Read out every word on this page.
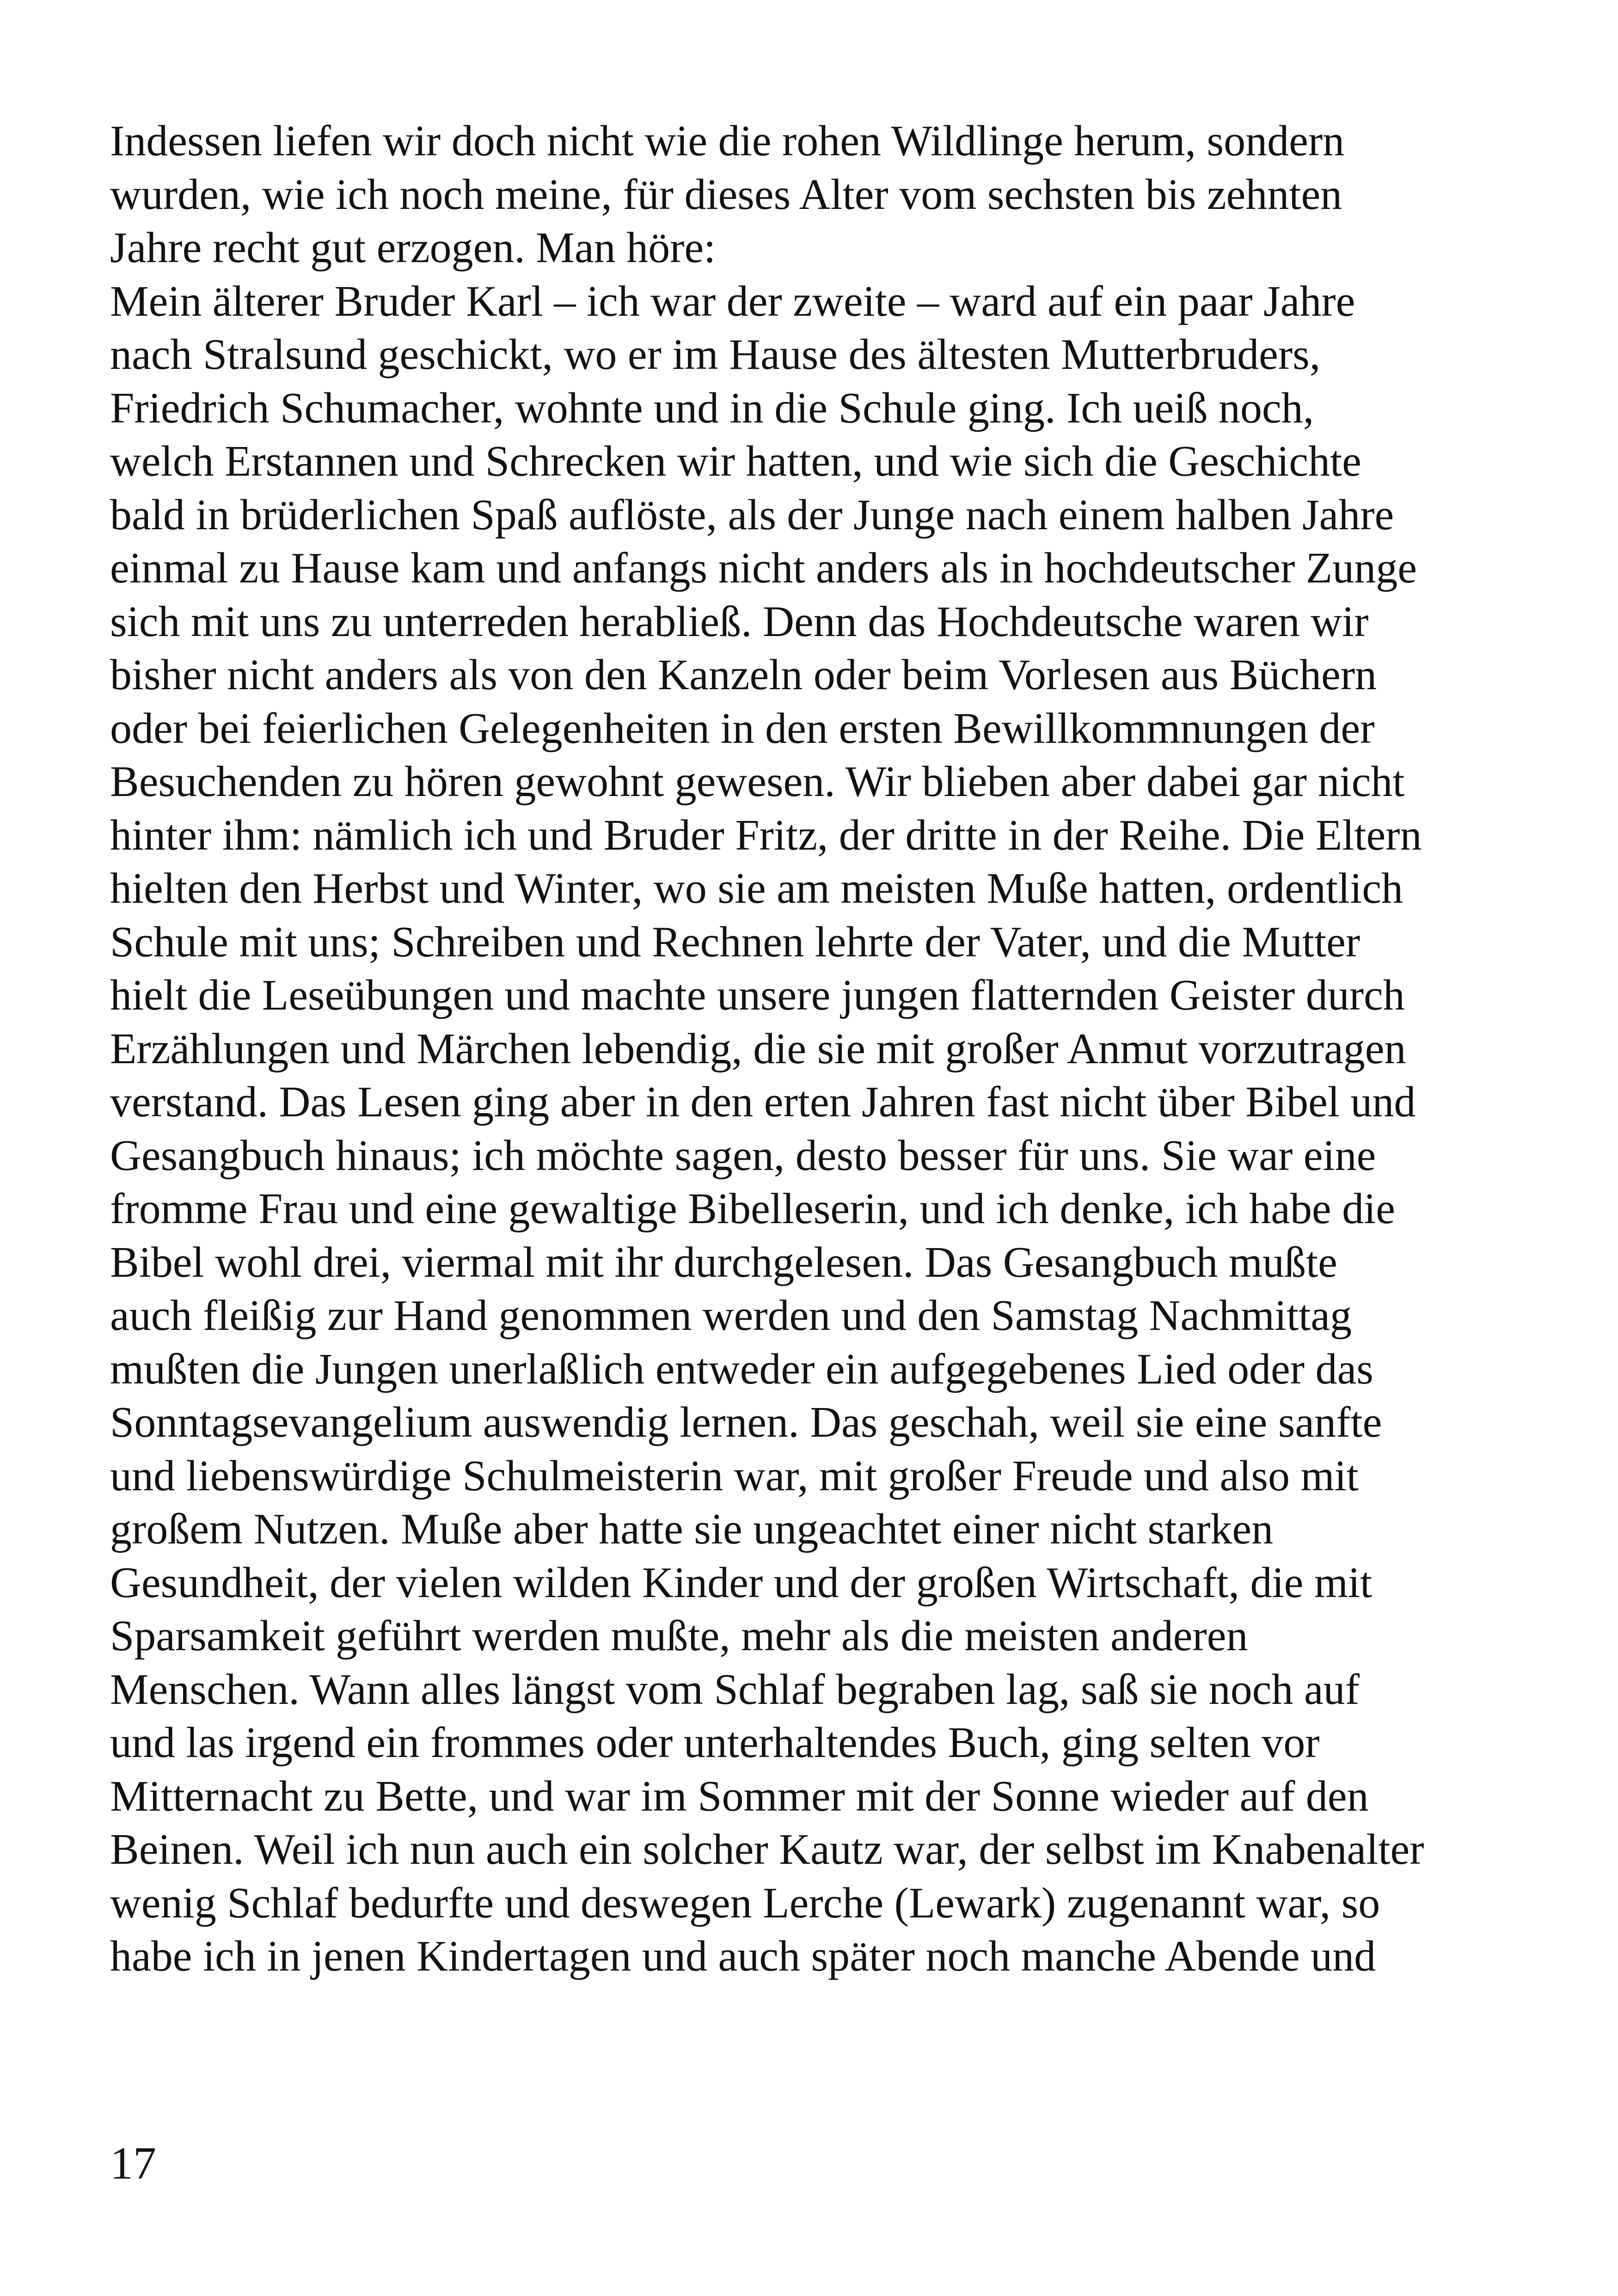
Indessen liefen wir doch nicht wie die rohen Wildlinge herum, sondern
wurden, wie ich noch meine, für dieses Alter vom sechsten bis zehnten
Jahre recht gut erzogen. Man höre:
Mein älterer Bruder Karl – ich war der zweite – ward auf ein paar Jahre
nach Stralsund geschickt, wo er im Hause des ältesten Mutterbruders,
Friedrich Schumacher, wohnte und in die Schule ging. Ich ueiß noch,
welch Erstannen und Schrecken wir hatten, und wie sich die Geschichte
bald in brüderlichen Spaß auflöste, als der Junge nach einem halben Jahre
einmal zu Hause kam und anfangs nicht anders als in hochdeutscher Zunge
sich mit uns zu unterreden herabließ. Denn das Hochdeutsche waren wir
bisher nicht anders als von den Kanzeln oder beim Vorlesen aus Büchern
oder bei feierlichen Gelegenheiten in den ersten Bewillkommnungen der
Besuchenden zu hören gewohnt gewesen. Wir blieben aber dabei gar nicht
hinter ihm: nämlich ich und Bruder Fritz, der dritte in der Reihe. Die Eltern
hielten den Herbst und Winter, wo sie am meisten Muße hatten, ordentlich
Schule mit uns; Schreiben und Rechnen lehrte der Vater, und die Mutter
hielt die Leseübungen und machte unsere jungen flatternden Geister durch
Erzählungen und Märchen lebendig, die sie mit großer Anmut vorzutragen
verstand. Das Lesen ging aber in den erten Jahren fast nicht über Bibel und
Gesangbuch hinaus; ich möchte sagen, desto besser für uns. Sie war eine
fromme Frau und eine gewaltige Bibelleserin, und ich denke, ich habe die
Bibel wohl drei, viermal mit ihr durchgelesen. Das Gesangbuch mußte
auch fleißig zur Hand genommen werden und den Samstag Nachmittag
mußten die Jungen unerlaßlich entweder ein aufgegebenes Lied oder das
Sonntagsevangelium auswendig lernen. Das geschah, weil sie eine sanfte
und liebenswürdige Schulmeisterin war, mit großer Freude und also mit
großem Nutzen. Muße aber hatte sie ungeachtet einer nicht starken
Gesundheit, der vielen wilden Kinder und der großen Wirtschaft, die mit
Sparsamkeit geführt werden mußte, mehr als die meisten anderen
Menschen. Wann alles längst vom Schlaf begraben lag, saß sie noch auf
und las irgend ein frommes oder unterhaltendes Buch, ging selten vor
Mitternacht zu Bette, und war im Sommer mit der Sonne wieder auf den
Beinen. Weil ich nun auch ein solcher Kautz war, der selbst im Knabenalter
wenig Schlaf bedurfte und deswegen Lerche (Lewark) zugenannt war, so
habe ich in jenen Kindertagen und auch später noch manche Abende und
17
